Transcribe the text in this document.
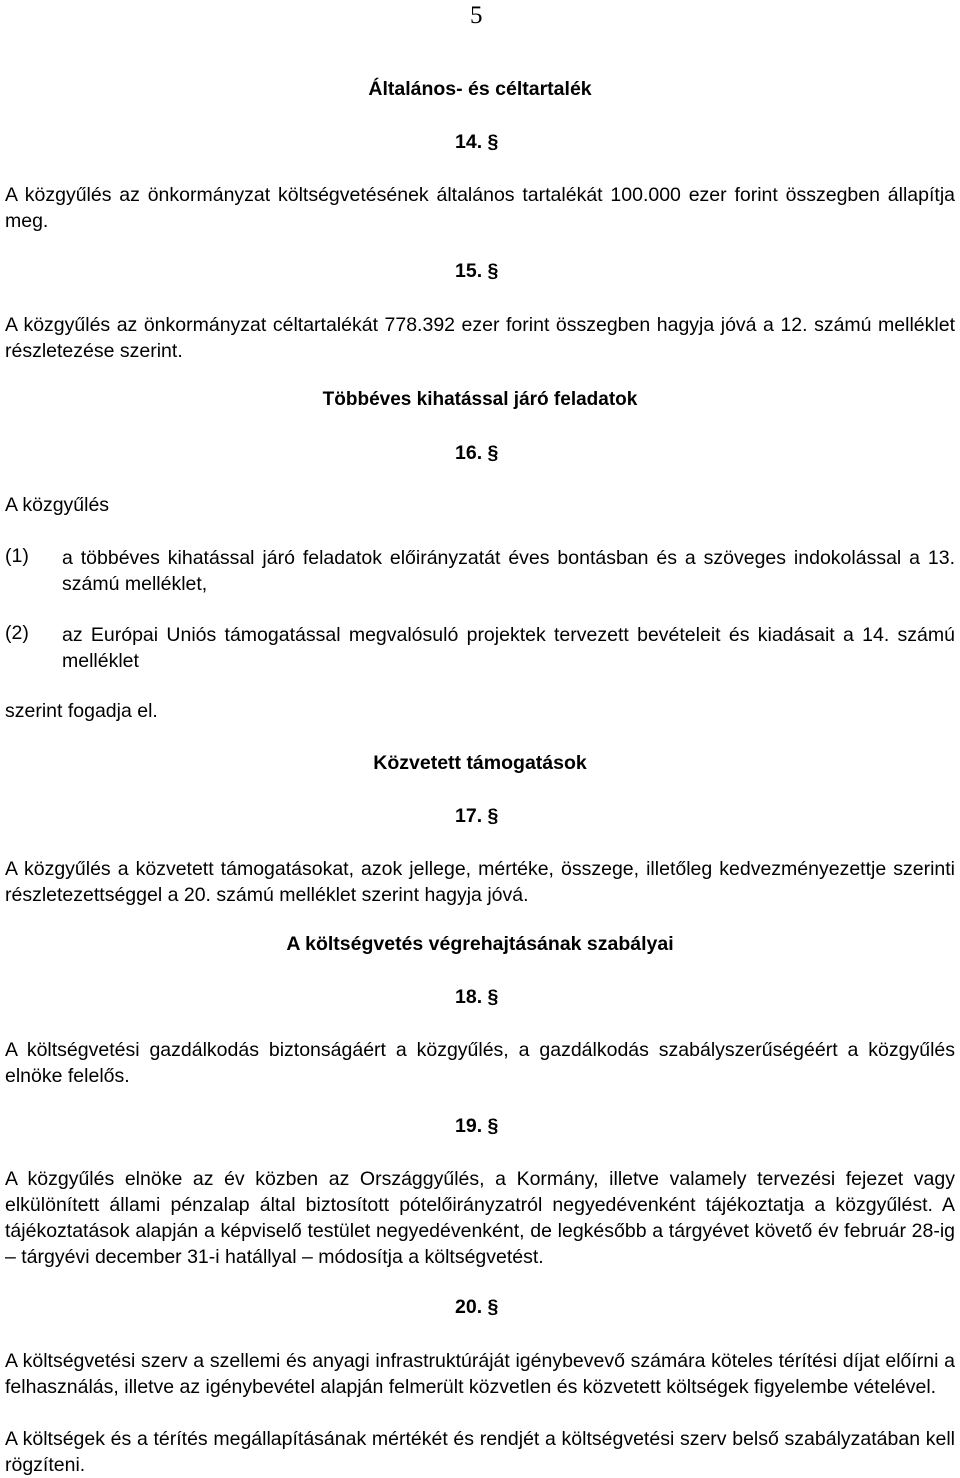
5
Általános- és céltartalék
14. §
A közgyűlés az önkormányzat költségvetésének általános tartalékát 100.000 ezer forint összegben állapítja meg.
15. §
A közgyűlés az önkormányzat céltartalékát 778.392 ezer forint összegben hagyja jóvá a 12. számú melléklet részletezése szerint.
Többéves kihatással járó feladatok
16. §
A közgyűlés
(1) a többéves kihatással járó feladatok előirányzatát éves bontásban és a szöveges indokolással a 13. számú melléklet,
(2) az Európai Uniós támogatással megvalósuló projektek tervezett bevételeit és kiadásait a 14. számú melléklet
szerint fogadja el.
Közvetett támogatások
17. §
A közgyűlés a közvetett támogatásokat, azok jellege, mértéke, összege, illetőleg kedvezményezettje szerinti részletezettséggel a 20. számú melléklet szerint hagyja jóvá.
A költségvetés végrehajtásának szabályai
18. §
A költségvetési gazdálkodás biztonságáért a közgyűlés, a gazdálkodás szabályszerűségéért a közgyűlés elnöke felelős.
19. §
A közgyűlés elnöke az év közben az Országgyűlés, a Kormány, illetve valamely tervezési fejezet vagy elkülönített állami pénzalap által biztosított pótelőirányzatról negyedévenként tájékoztatja a közgyűlést. A tájékoztatások alapján a képviselő testület negyedévenként, de legkésőbb a tárgyévet követő év február 28-ig – tárgyévi december 31-i hatállyal – módosítja a költségvetést.
20. §
A költségvetési szerv a szellemi és anyagi infrastruktúráját igénybevevő számára köteles térítési díjat előírni a felhasználás, illetve az igénybevétel alapján felmerült közvetlen és közvetett költségek figyelembe vételével.
A költségek és a térítés megállapításának mértékét és rendjét a költségvetési szerv belső szabályzatában kell rögzíteni.
